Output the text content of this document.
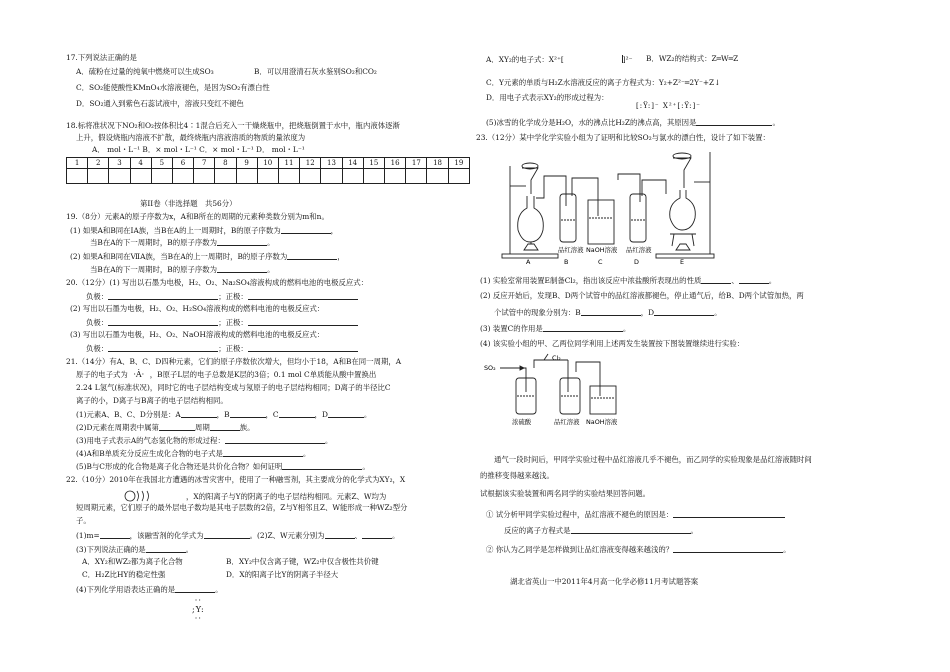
17.下列说法正确的是
A．硫粉在过量的纯氧中燃烧可以生成SO₃	B．可以用澄清石灰水鉴别SO₂和CO₂
C．SO₂能使酸性KMnO₄水溶液褪色，是因为SO₂有漂白性
D．SO₂通入到紫色石蕊试液中，溶液只变红不褪色
18.标将准状况下NO₂和O₂按体积比4∶1混合后充入一干燥烧瓶中，把烧瓶倒置于水中，瓶内液体逐渐
上升，假设烧瓶内溶液不扩散，最终烧瓶内溶液溶质的物质的量浓度为
A． mol・L⁻¹ B．× mol・L⁻¹ C．× mol・L⁻¹ D． mol・L⁻¹
1	2	3	4	5	6	7	8	9	10	11	12	13	14	15	16	17	18	19

第II卷（非选择题　共56分）
19.（8分）元素A的原子序数为x，A和B所在的周期的元素种类数分别为m和n。
(1) 如果A和B同在ⅠA族，当B在A的上一周期时，B的原子序数为	，
当B在A的下一周期时，B的原子序数为	。
(2) 如果A和B同在ⅦA族，当B在A的上一周期时，B的原子序数为	，
当B在A的下一周期时，B的原子序数为	。
20.（12分）(1) 写出以石墨为电极，H₂、O₂、Na₂SO₄溶液构成的燃料电池的电极反应式：
负极：	；正极：
(2) 写出以石墨为电极，H₂、O₂、H₂SO₄溶液构成的燃料电池的电极反应式：
负极：	；正极：
(3) 写出以石墨为电极，H₂、O₂、NaOH溶液构成的燃料电池的电极反应式：
负极：	；正极：
21.（14分）有A、B、C、D四种元素，它们的原子序数依次增大，但均小于18，A和B在同一周期，A
原子的电子式为 ·Ȧ· ，B原子L层的电子总数是K层的3倍；0.1 mol C单质能从酸中置换出
2.24 L氢气(标准状况)，同时它的电子层结构变成与氖原子的电子层结构相同；D离子的半径比C
离子的小，D离子与B离子的电子层结构相同。
(1)元素A、B、C、D分别是：A	，B	，C	，D	。
(2)D元素在周期表中属第	周期	族。
(3)用电子式表示A的气态氢化物的形成过程：	。
(4)A和B单质充分反应生成化合物的电子式是	。
(5)B与C形成的化合物是离子化合物还是共价化合物？如何证明	。
22.（10分）2010年在我国北方遭遇的冰雪灾害中，使用了一种融雪剂，其主要成分的化学式为XY₂，X
，X的阳离子与Y的阴离子的电子层结构相同。元素Z、W均为
短周期元素，它们原子的最外层电子数均是其电子层数的2倍，Z与Y相邻且Z、W能形成一种WZ₂型分
子。
(1)m=	，该融雪剂的化学式为	。(2)Z、W元素分别为	、	。
(3)下列说法正确的是	。
A．XY₂和WZ₂都为离子化合物	B．XY₂中仅含离子键，WZ₂中仅含极性共价键
C．H₂Z比HY的稳定性强	D．X的阳离子比Y的阴离子半径大
(4)下列化学用语表达正确的是	。
··
;Y:
··
A．XY₂的电子式：X²⁺[	]²⁻ B．WZ₂的结构式：Z═W═Z
C．Y元素的单质与H₂Z水溶液反应的离子方程式为：Y₂+Z²⁻═2Y⁻+Z↓
D．用电子式表示XY₂的形成过程为：
[:Ÿ:]⁻ X²⁺[:Ÿ:]⁻
(5)冰雪的化学成分是H₂O，水的沸点比H₂Z的沸点高，其原因是	。
23.（12分）某中学化学实验小组为了证明和比较SO₂与氯水的漂白性，设计了如下装置：
A	B	C	D	E
品红溶液 NaOH溶液 品红溶液
(1) 实验室常用装置E制备Cl₂，指出该反应中浓盐酸所表现出的性质	、	。
(2) 反应开始后，发现B、D两个试管中的品红溶液都褪色，停止通气后，给B、D两个试管加热，两
个试管中的现象分别为：B	，D	。
(3) 装置C的作用是	。
(4) 该实验小组的甲、乙两位同学利用上述两发生装置按下图装置继续进行实验：
SO₂
Cl₂
浓硫酸	品红溶液 NaOH溶液
通气一段时间后，甲同学实验过程中品红溶液几乎不褪色，而乙同学的实验现象是品红溶液随时间
的推移变得越来越浅。
试根据该实验装置和两名同学的实验结果回答问题。
① 试分析甲同学实验过程中，品红溶液不褪色的原因是：
反应的离子方程式是	。
② 你认为乙同学是怎样做到让品红溶液变得越来越浅的？	。
湖北省英山一中2011年4月高一化学必修11月考试题答案
